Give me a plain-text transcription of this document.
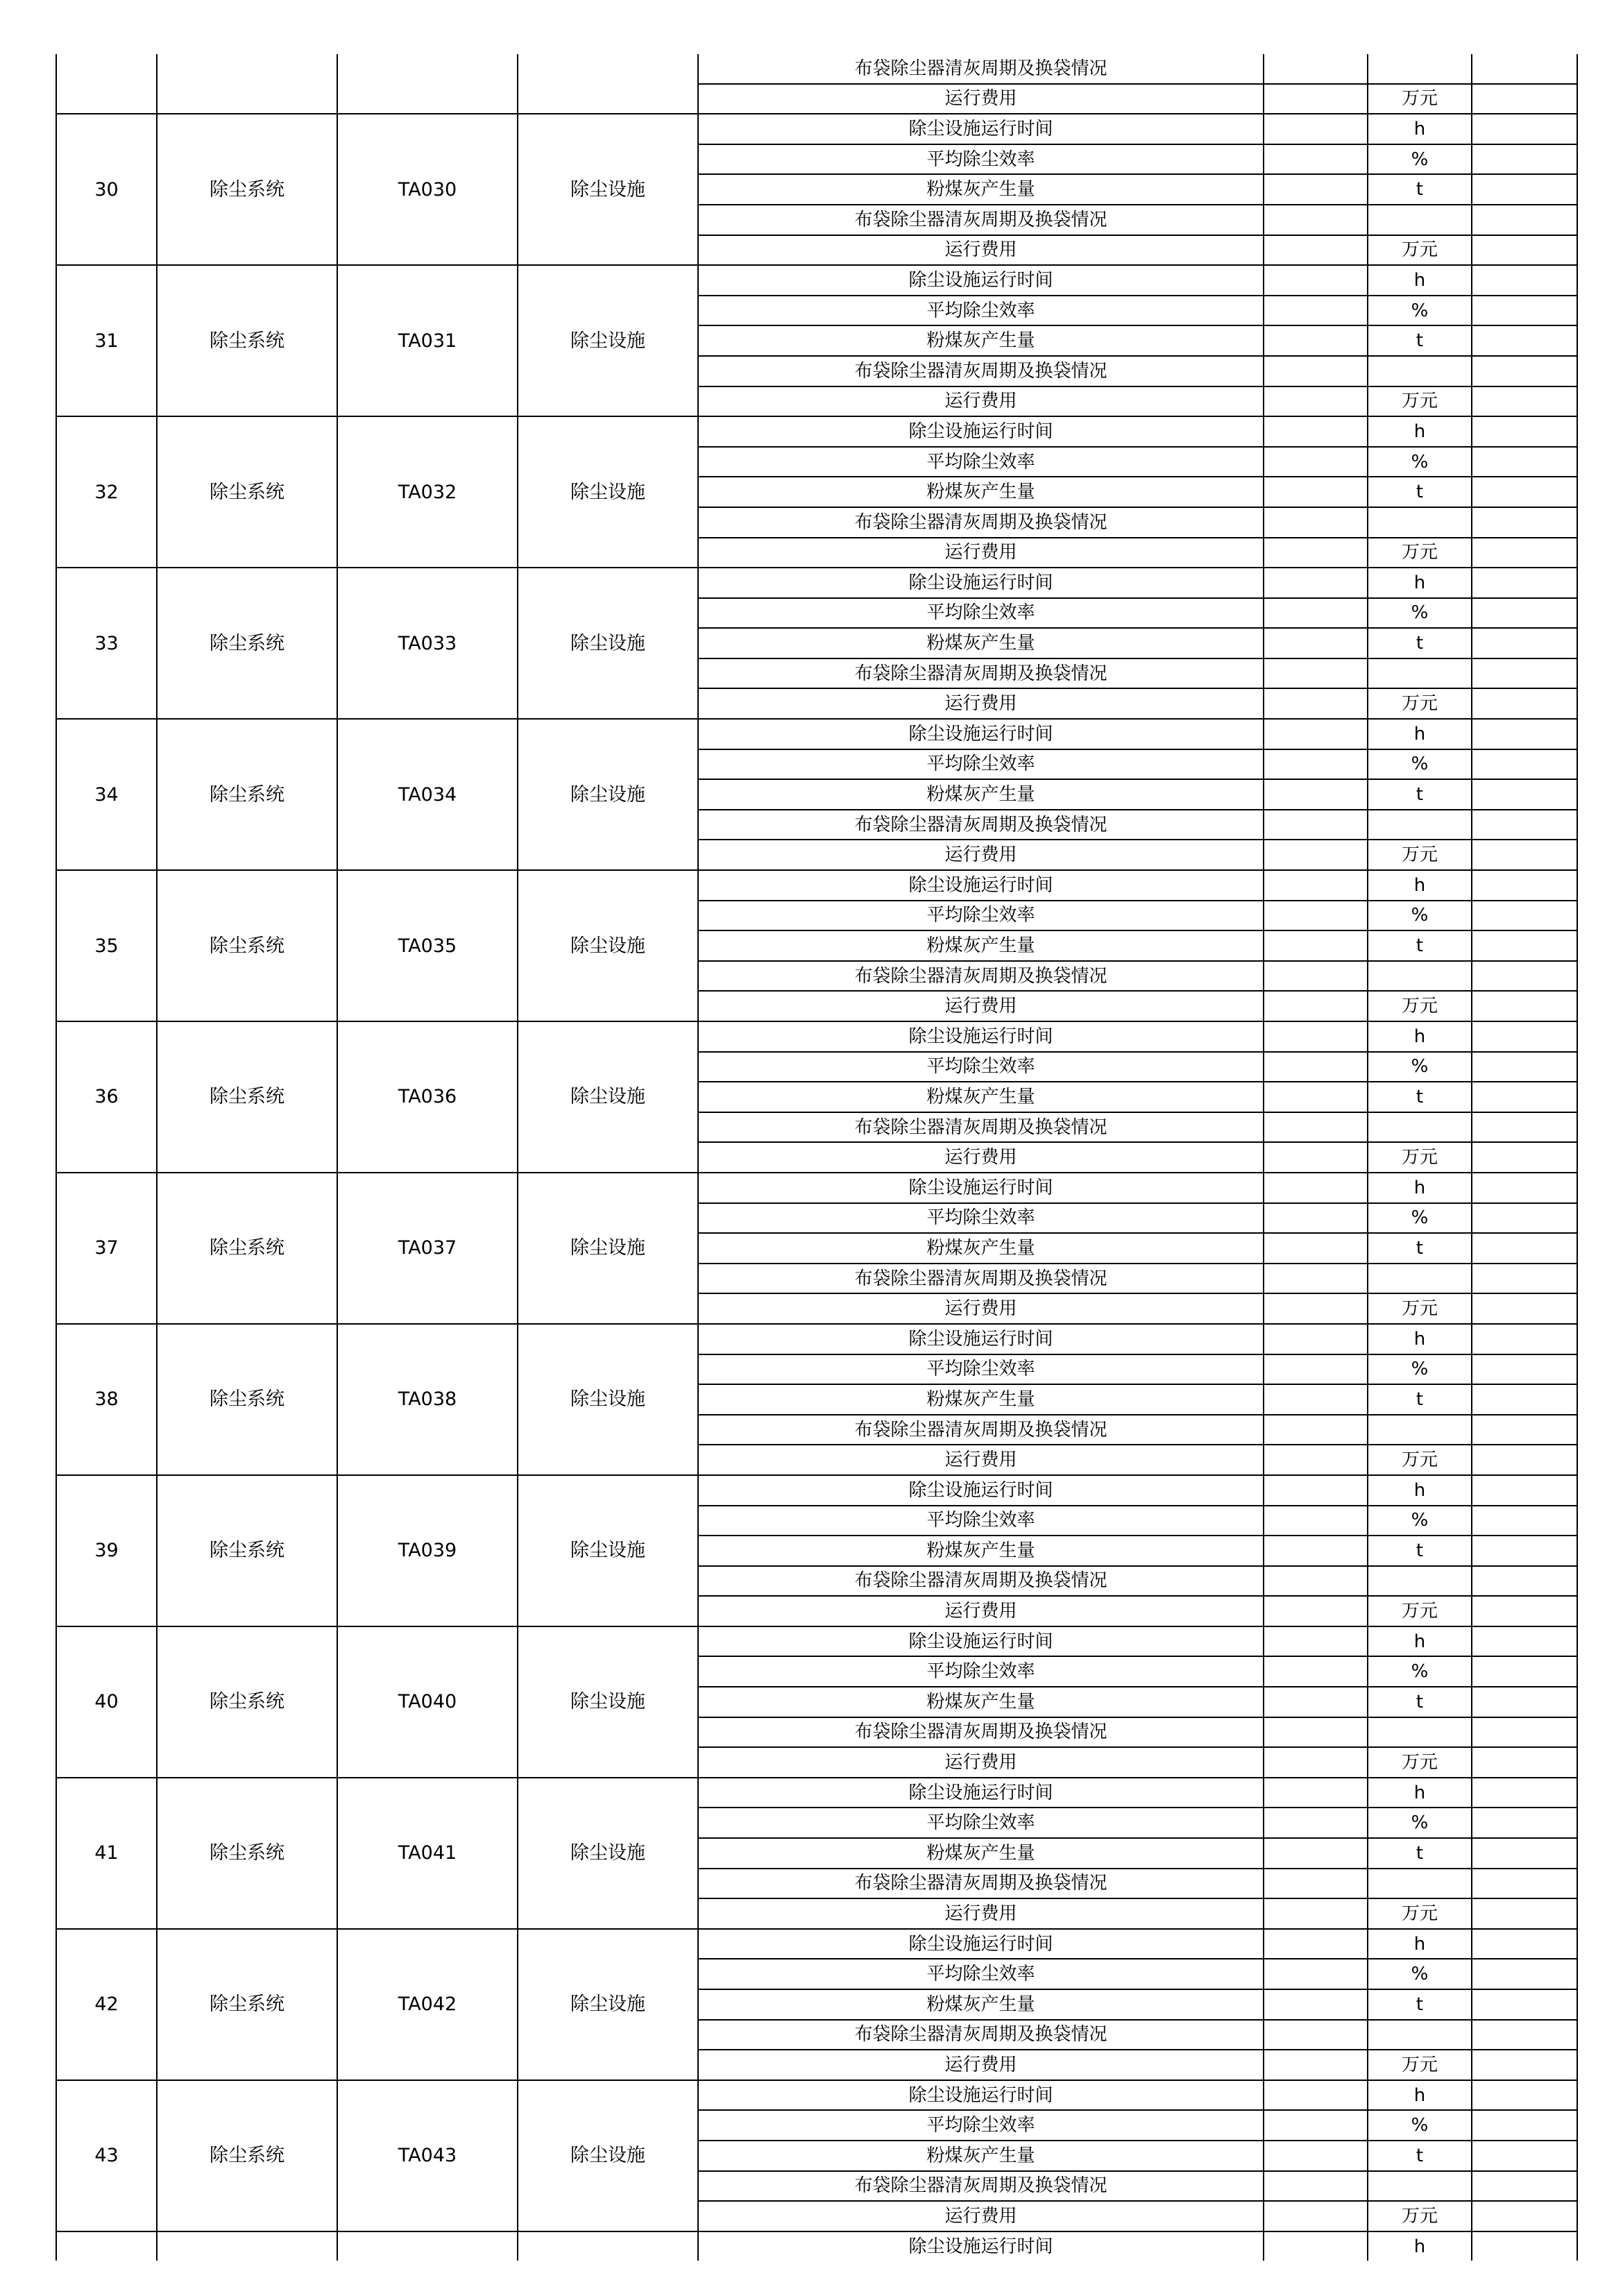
				布袋除尘器清灰周期及换袋情况			
				运行费用		万元	
30	除尘系统	TA030	除尘设施	除尘设施运行时间		h	
				平均除尘效率		%	
				粉煤灰产生量		t	
				布袋除尘器清灰周期及换袋情况			
				运行费用		万元	
31	除尘系统	TA031	除尘设施	除尘设施运行时间		h	
				平均除尘效率		%	
				粉煤灰产生量		t	
				布袋除尘器清灰周期及换袋情况			
				运行费用		万元	
32	除尘系统	TA032	除尘设施	除尘设施运行时间		h	
				平均除尘效率		%	
				粉煤灰产生量		t	
				布袋除尘器清灰周期及换袋情况			
				运行费用		万元	
33	除尘系统	TA033	除尘设施	除尘设施运行时间		h	
				平均除尘效率		%	
				粉煤灰产生量		t	
				布袋除尘器清灰周期及换袋情况			
				运行费用		万元	
34	除尘系统	TA034	除尘设施	除尘设施运行时间		h	
				平均除尘效率		%	
				粉煤灰产生量		t	
				布袋除尘器清灰周期及换袋情况			
				运行费用		万元	
35	除尘系统	TA035	除尘设施	除尘设施运行时间		h	
				平均除尘效率		%	
				粉煤灰产生量		t	
				布袋除尘器清灰周期及换袋情况			
				运行费用		万元	
36	除尘系统	TA036	除尘设施	除尘设施运行时间		h	
				平均除尘效率		%	
				粉煤灰产生量		t	
				布袋除尘器清灰周期及换袋情况			
				运行费用		万元	
37	除尘系统	TA037	除尘设施	除尘设施运行时间		h	
				平均除尘效率		%	
				粉煤灰产生量		t	
				布袋除尘器清灰周期及换袋情况			
				运行费用		万元	
38	除尘系统	TA038	除尘设施	除尘设施运行时间		h	
				平均除尘效率		%	
				粉煤灰产生量		t	
				布袋除尘器清灰周期及换袋情况			
				运行费用		万元	
39	除尘系统	TA039	除尘设施	除尘设施运行时间		h	
				平均除尘效率		%	
				粉煤灰产生量		t	
				布袋除尘器清灰周期及换袋情况			
				运行费用		万元	
40	除尘系统	TA040	除尘设施	除尘设施运行时间		h	
				平均除尘效率		%	
				粉煤灰产生量		t	
				布袋除尘器清灰周期及换袋情况			
				运行费用		万元	
41	除尘系统	TA041	除尘设施	除尘设施运行时间		h	
				平均除尘效率		%	
				粉煤灰产生量		t	
				布袋除尘器清灰周期及换袋情况			
				运行费用		万元	
42	除尘系统	TA042	除尘设施	除尘设施运行时间		h	
				平均除尘效率		%	
				粉煤灰产生量		t	
				布袋除尘器清灰周期及换袋情况			
				运行费用		万元	
43	除尘系统	TA043	除尘设施	除尘设施运行时间		h	
				平均除尘效率		%	
				粉煤灰产生量		t	
				布袋除尘器清灰周期及换袋情况			
				运行费用		万元	
				除尘设施运行时间		h	
